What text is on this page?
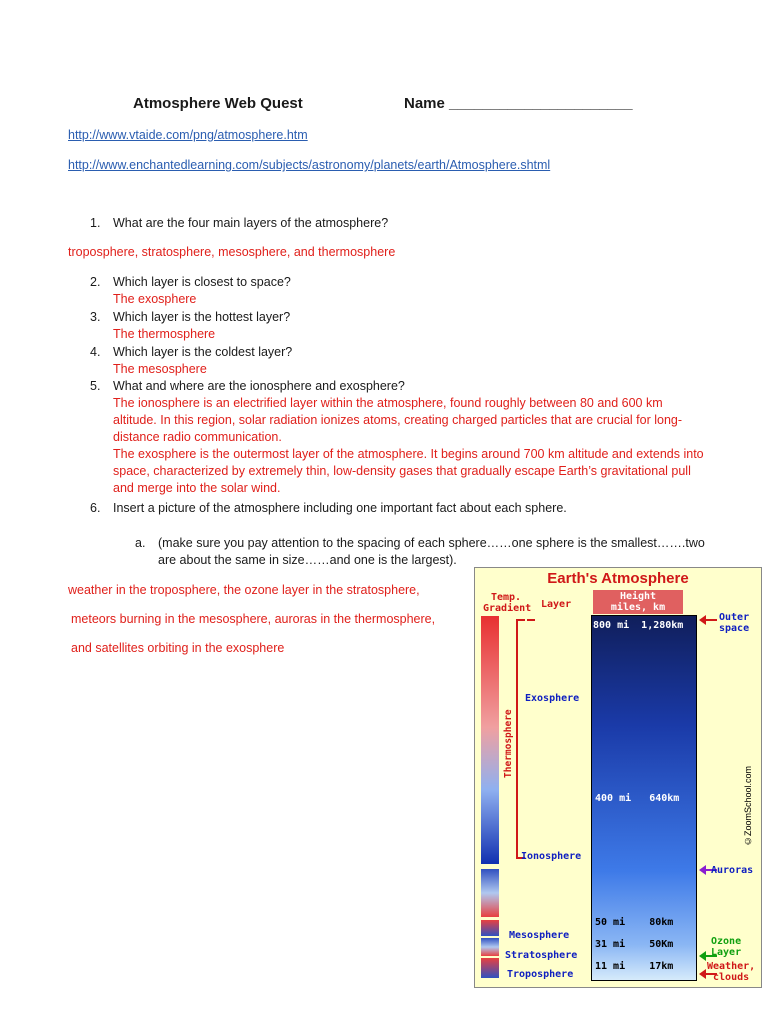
Atmosphere Web Quest	Name ______________________
http://www.vtaide.com/png/atmosphere.htm
http://www.enchantedlearning.com/subjects/astronomy/planets/earth/Atmosphere.shtml
1.	What are the four main layers of the atmosphere?
troposphere, stratosphere, mesosphere, and thermosphere
2.	Which layer is closest to space?
The exosphere
3.	Which layer is the hottest layer?
The thermosphere
4.	Which layer is the coldest layer?
The mesosphere
5.	What and where are the ionosphere and exosphere?
The ionosphere is an electrified layer within the atmosphere, found roughly between 80 and 600 km altitude. In this region, solar radiation ionizes atoms, creating charged particles that are crucial for long-distance radio communication.
The exosphere is the outermost layer of the atmosphere. It begins around 700 km altitude and extends into space, characterized by extremely thin, low-density gases that gradually escape Earth’s gravitational pull and merge into the solar wind.
6.	Insert a picture of the atmosphere including one important fact about each sphere.
a. (make sure you pay attention to the spacing of each sphere……one sphere is the smallest…….two are about the same in size……and one is the largest).
weather in the troposphere, the ozone layer in the stratosphere,
meteors burning in the mesosphere, auroras in the thermosphere,
and satellites orbiting in the exosphere
Earth's Atmosphere
Temp.
Gradient Layer
Height
miles, km
Thermosphere
800 mi 1,280km
400 mi 640km
50 mi 80km
31 mi 50Km
11 mi 17km
Exosphere
Ionosphere
Mesosphere
Stratosphere
Troposphere
Outer
space
Auroras
Ozone
Layer
Weather,
clouds
©ZoomSchool.com
